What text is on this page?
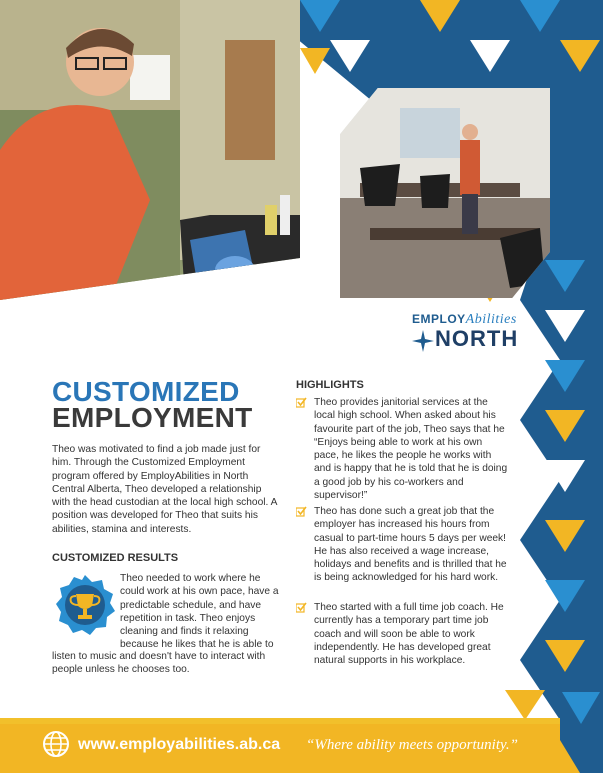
EMPLOYAbilities
NORTH
CUSTOMIZED
EMPLOYMENT

Theo was motivated to find a job made just for him. Through the Customized Employment program offered by EmployAbilities in North Central Alberta, Theo developed a relationship with the head custodian at the local high school. A position was developed for Theo that suits his abilities, stamina and interests.

CUSTOMIZED RESULTS

Theo needed to work where he could work at his own pace, have a predictable schedule, and have repetition in task. Theo enjoys cleaning and finds it relaxing because he likes that he is able to

listen to music and doesn't have to interact with people unless he chooses too.

HIGHLIGHTS

Theo provides janitorial services at the local high school. When asked about his favourite part of the job, Theo says that he “Enjoys being able to work at his own pace, he likes the people he works with and is happy that he is told that he is doing a good job by his co-workers and supervisor!”

Theo has done such a great job that the employer has increased his hours from casual to part-time hours 5 days per week! He has also received a wage increase, holidays and benefits and is thrilled that he is being acknowledged for his hard work.

Theo started with a full time job coach. He currently has a temporary part time job coach and will soon be able to work independently. He has developed great natural supports in his workplace.

www.employabilities.ab.ca “Where ability meets opportunity.”
